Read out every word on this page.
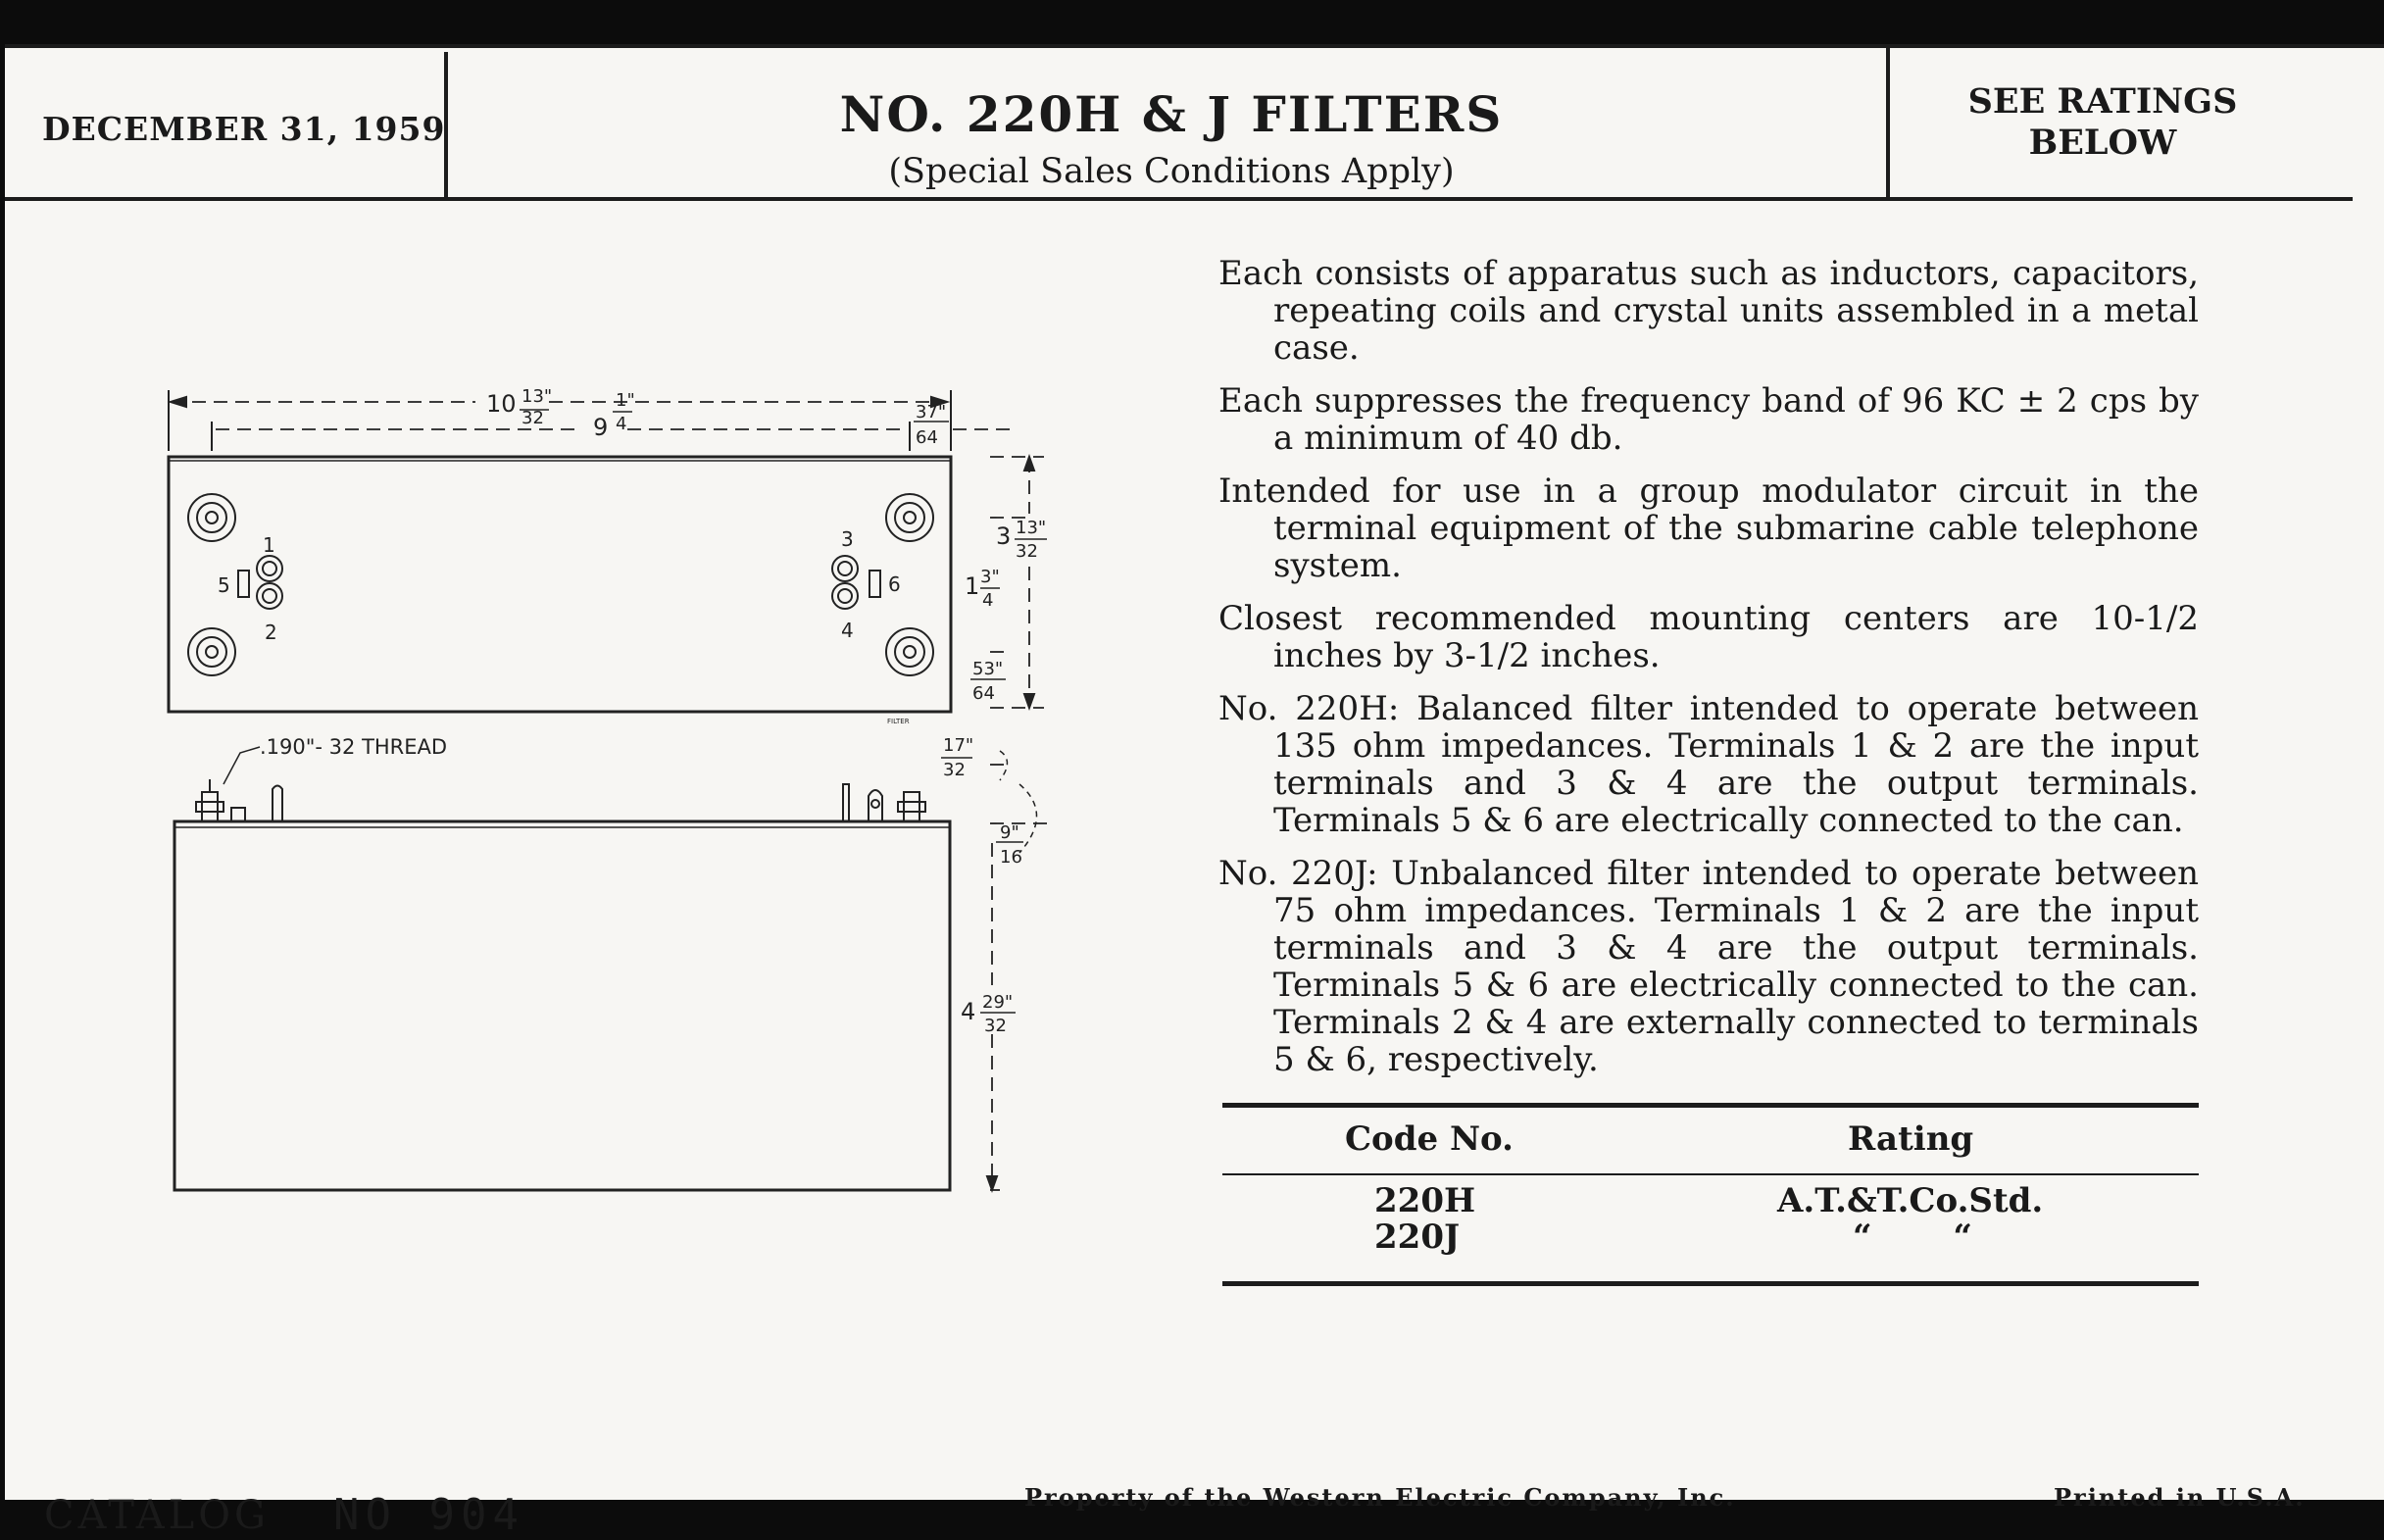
DECEMBER 31, 1959	NO. 220H & J FILTERS
(Special Sales Conditions Apply)
SEE RATINGS
BELOW

Each consists of apparatus such as inductors, capacitors, repeating coils and crystal units assembled in a metal case.

Each suppresses the frequency band of 96 KC ± 2 cps by a minimum of 40 db.

Intended for use in a group modulator circuit in the terminal equipment of the submarine cable telephone system.

Closest recommended mounting centers are 10-1/2 inches by 3-1/2 inches.

No. 220H: Balanced filter intended to operate between 135 ohm impedances. Terminals 1 & 2 are the input terminals and 3 & 4 are the output terminals. Terminals 5 & 6 are electrically connected to the can.

No. 220J: Unbalanced filter intended to operate between 75 ohm impedances. Terminals 1 & 2 are the input terminals and 3 & 4 are the output terminals. Terminals 5 & 6 are electrically connected to the can. Terminals 2 & 4 are externally connected to terminals 5 & 6, respectively.

Code No.	Rating
220H	A.T.&T.Co.Std.
220J	“       “
CATALOG NO 904	Property of the Western Electric Company, Inc.	Printed in U.S.A.
10 13"
32 9
1"
4
37"
64
3 13"
32
1 3"
4
53"
64
FILTER
.190"- 32 THREAD	17"
32
9"
16
4 29"
32
1
2
3
4
5	6
